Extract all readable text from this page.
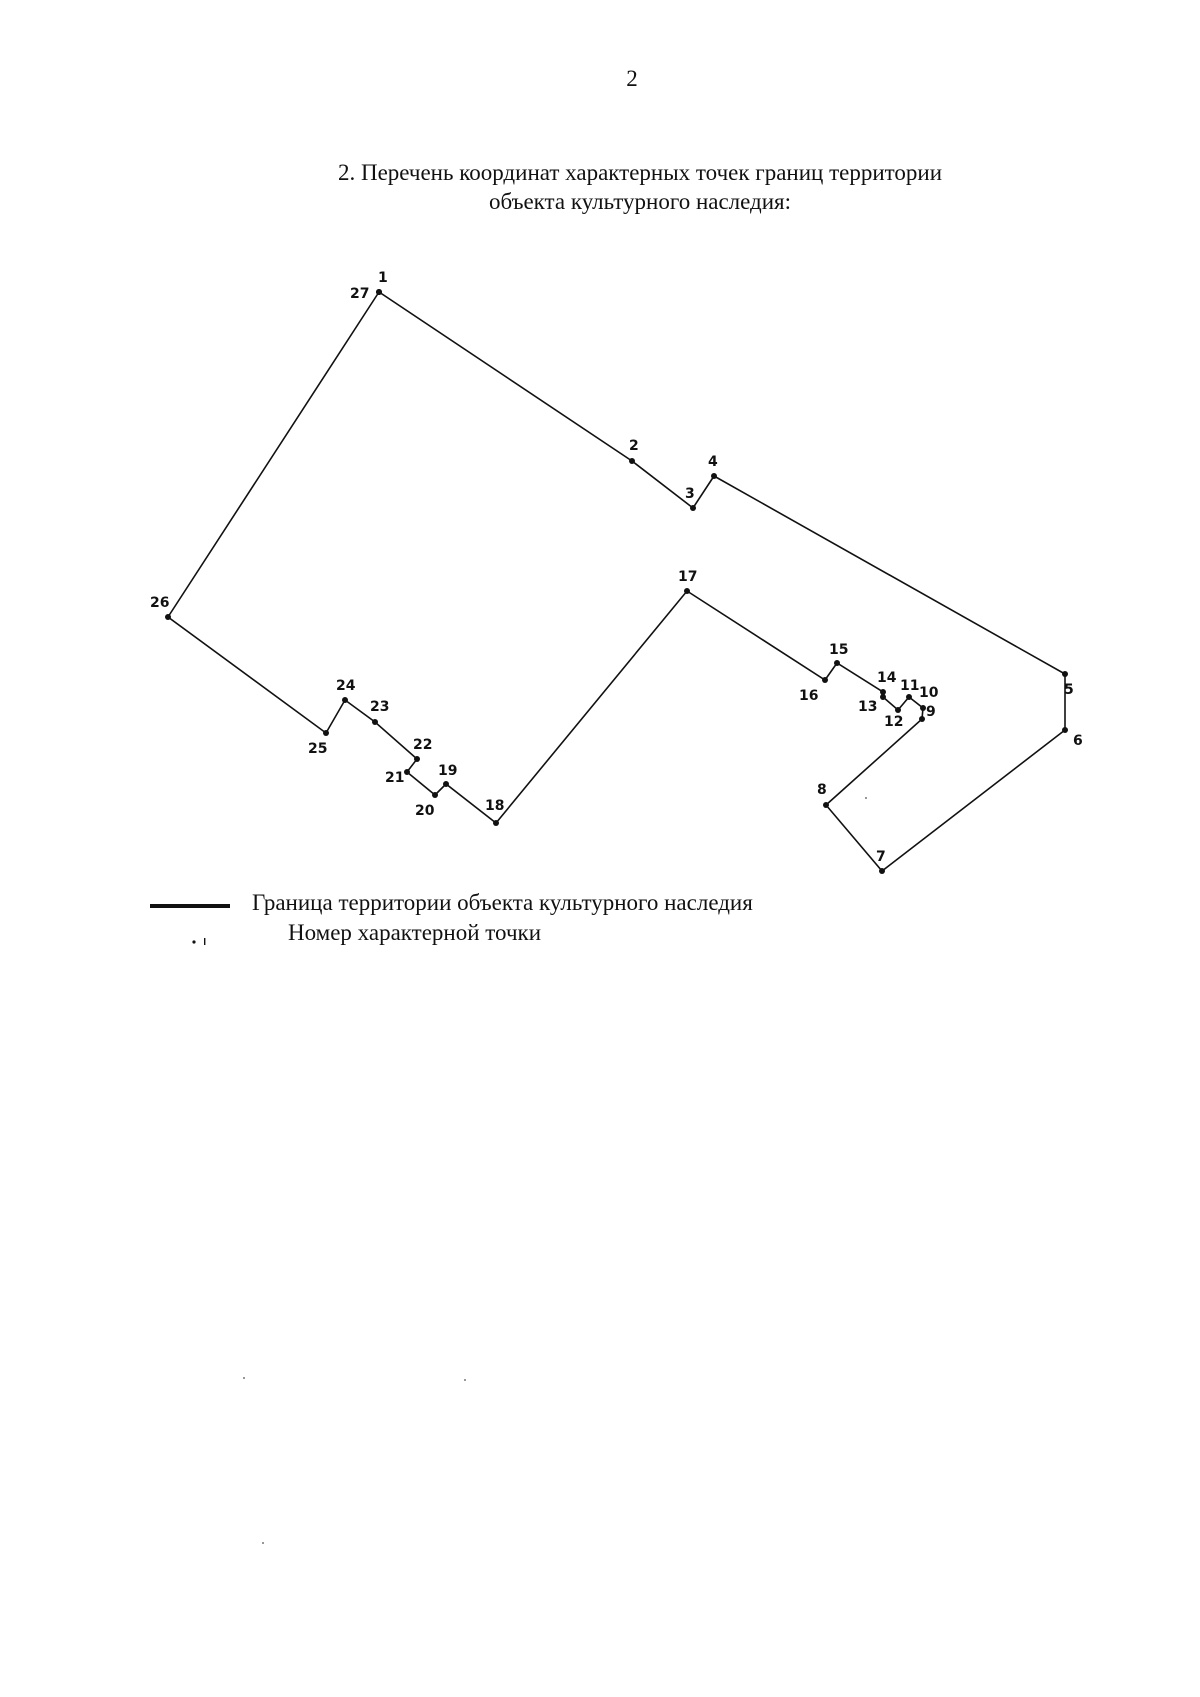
2
2. Перечень координат характерных точек границ территории
объекта культурного наследия:
1
27
2
3
4
5
6
7
8
9
10
11
12
13
14
15
16
17
18
19
20
21
22
23
24
25
26
Граница территории объекта культурного наследия
Номер характерной точки
